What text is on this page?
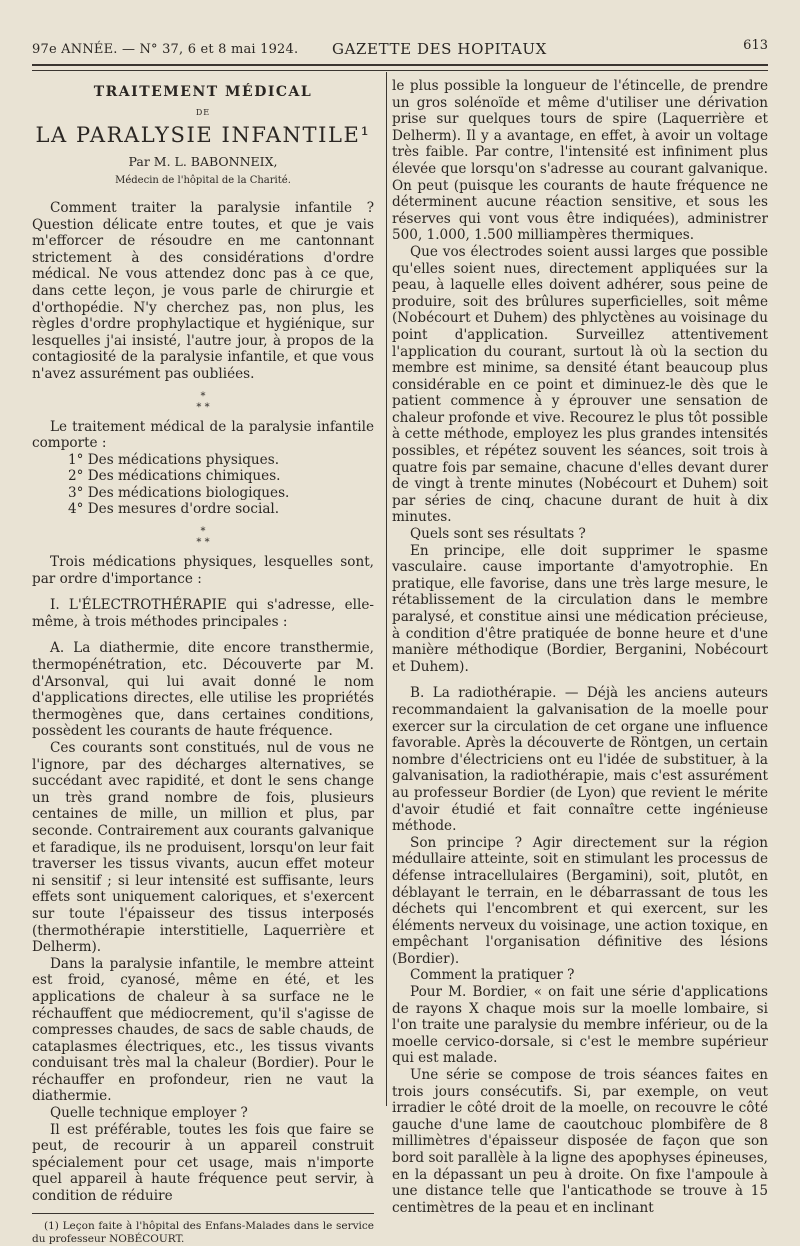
97e ANNÉE. — N° 37, 6 et 8 mai 1924. GAZETTE DES HOPITAUX	613
TRAITEMENT MÉDICAL
DE
LA PARALYSIE INFANTILE¹
Par M. L. BABONNEIX,
Médecin de l'hôpital de la Charité.

Comment traiter la paralysie infantile ? Question délicate entre toutes, et que je vais m'efforcer de résoudre en me cantonnant strictement à des considérations d'ordre médical. Ne vous attendez donc pas à ce que, dans cette leçon, je vous parle de chirurgie et d'orthopédie. N'y cherchez pas, non plus, les règles d'ordre prophylactique et hygiénique, sur lesquelles j'ai insisté, l'autre jour, à propos de la contagiosité de la paralysie infantile, et que vous n'avez assurément pas oubliées.

*
* *

Le traitement médical de la paralysie infantile comporte :

1° Des médications physiques.

2° Des médications chimiques.

3° Des médications biologiques.

4° Des mesures d'ordre social.

*
* *

Trois médications physiques, lesquelles sont, par ordre d'importance :

I. L'ÉLECTROTHÉRAPIE qui s'adresse, elle-même, à trois méthodes principales :

A. La diathermie, dite encore transthermie, thermopénétration, etc. Découverte par M. d'Arsonval, qui lui avait donné le nom d'applications directes, elle utilise les propriétés thermogènes que, dans certaines conditions, possèdent les courants de haute fréquence.

Ces courants sont constitués, nul de vous ne l'ignore, par des décharges alternatives, se succédant avec rapidité, et dont le sens change un très grand nombre de fois, plusieurs centaines de mille, un million et plus, par seconde. Contrairement aux courants galvanique et faradique, ils ne produisent, lorsqu'on leur fait traverser les tissus vivants, aucun effet moteur ni sensitif ; si leur intensité est suffisante, leurs effets sont uniquement caloriques, et s'exercent sur toute l'épaisseur des tissus interposés (thermothérapie interstitielle, Laquerrière et Delherm).

Dans la paralysie infantile, le membre atteint est froid, cyanosé, même en été, et les applications de chaleur à sa surface ne le réchauffent que médiocrement, qu'il s'agisse de compresses chaudes, de sacs de sable chauds, de cataplasmes électriques, etc., les tissus vivants conduisant très mal la chaleur (Bordier). Pour le réchauffer en profondeur, rien ne vaut la diathermie.

Quelle technique employer ?

Il est préférable, toutes les fois que faire se peut, de recourir à un appareil construit spécialement pour cet usage, mais n'importe quel appareil à haute fréquence peut servir, à condition de réduire

(1) Leçon faite à l'hôpital des Enfans-Malades dans le service du professeur NOBÉCOURT.

le plus possible la longueur de l'étincelle, de prendre un gros solénoïde et même d'utiliser une dérivation prise sur quelques tours de spire (Laquerrière et Delherm). Il y a avantage, en effet, à avoir un voltage très faible. Par contre, l'intensité est infiniment plus élevée que lorsqu'on s'adresse au courant galvanique. On peut (puisque les courants de haute fréquence ne déterminent aucune réaction sensitive, et sous les réserves qui vont vous être indiquées), administrer 500, 1.000, 1.500 milliampères thermiques.

Que vos électrodes soient aussi larges que possible qu'elles soient nues, directement appliquées sur la peau, à laquelle elles doivent adhérer, sous peine de produire, soit des brûlures superficielles, soit même (Nobécourt et Duhem) des phlyctènes au voisinage du point d'application. Surveillez attentivement l'application du courant, surtout là où la section du membre est minime, sa densité étant beaucoup plus considérable en ce point et diminuez-le dès que le patient commence à y éprouver une sensation de chaleur profonde et vive. Recourez le plus tôt possible à cette méthode, employez les plus grandes intensités possibles, et répétez souvent les séances, soit trois à quatre fois par semaine, chacune d'elles devant durer de vingt à trente minutes (Nobécourt et Duhem) soit par séries de cinq, chacune durant de huit à dix minutes.

Quels sont ses résultats ?

En principe, elle doit supprimer le spasme vasculaire. cause importante d'amyotrophie. En pratique, elle favorise, dans une très large mesure, le rétablissement de la circulation dans le membre paralysé, et constitue ainsi une médication précieuse, à condition d'être pratiquée de bonne heure et d'une manière méthodique (Bordier, Berganini, Nobécourt et Duhem).

B. La radiothérapie. — Déjà les anciens auteurs recommandaient la galvanisation de la moelle pour exercer sur la circulation de cet organe une influence favorable. Après la découverte de Röntgen, un certain nombre d'électriciens ont eu l'idée de substituer, à la galvanisation, la radiothérapie, mais c'est assurément au professeur Bordier (de Lyon) que revient le mérite d'avoir étudié et fait connaître cette ingénieuse méthode.

Son principe ? Agir directement sur la région médullaire atteinte, soit en stimulant les processus de défense intracellulaires (Bergamini), soit, plutôt, en déblayant le terrain, en le débarrassant de tous les déchets qui l'encombrent et qui exercent, sur les éléments nerveux du voisinage, une action toxique, en empêchant l'organisation définitive des lésions (Bordier).

Comment la pratiquer ?

Pour M. Bordier, « on fait une série d'applications de rayons X chaque mois sur la moelle lombaire, si l'on traite une paralysie du membre inférieur, ou de la moelle cervico-dorsale, si c'est le membre supérieur qui est malade.

Une série se compose de trois séances faites en trois jours consécutifs. Si, par exemple, on veut irradier le côté droit de la moelle, on recouvre le côté gauche d'une lame de caoutchouc plombifère de 8 millimètres d'épaisseur disposée de façon que son bord soit parallèle à la ligne des apophyses épineuses, en la dépassant un peu à droite. On fixe l'ampoule à une distance telle que l'anticathode se trouve à 15 centimètres de la peau et en inclinant
